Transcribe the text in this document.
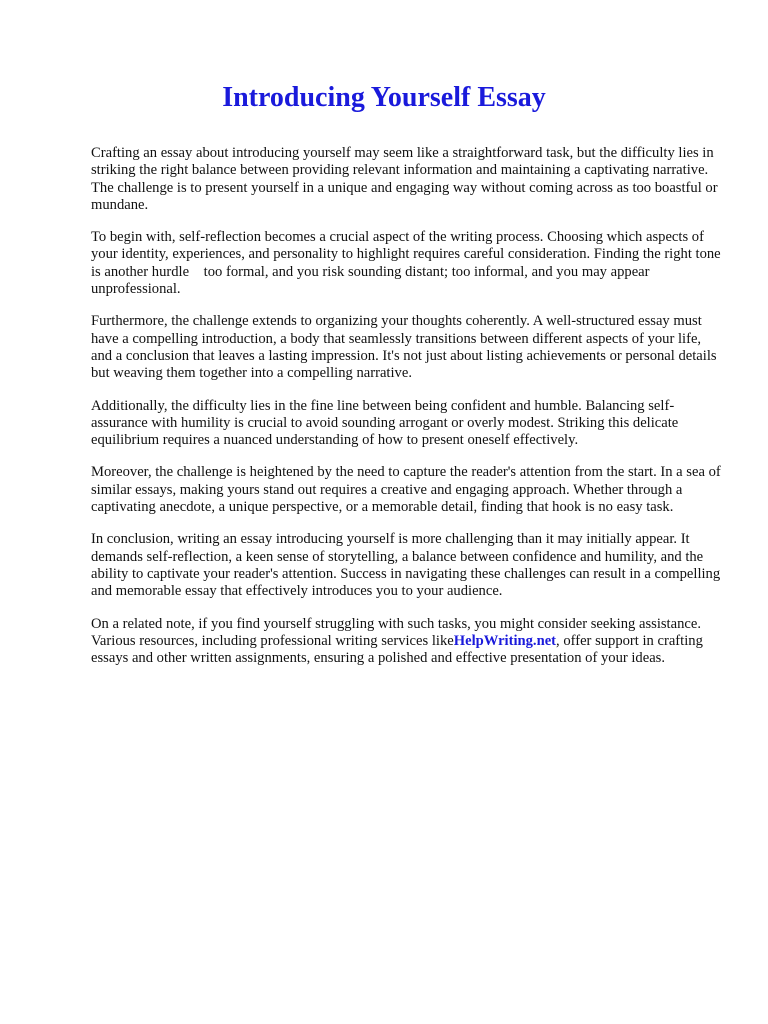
Introducing Yourself Essay

Crafting an essay about introducing yourself may seem like a straightforward task, but the difficulty lies in striking the right balance between providing relevant information and maintaining a captivating narrative. The challenge is to present yourself in a unique and engaging way without coming across as too boastful or mundane.

To begin with, self-reflection becomes a crucial aspect of the writing process. Choosing which aspects of your identity, experiences, and personality to highlight requires careful consideration. Finding the right tone is another hurdle    too formal, and you risk sounding distant; too informal, and you may appear unprofessional.

Furthermore, the challenge extends to organizing your thoughts coherently. A well-structured essay must have a compelling introduction, a body that seamlessly transitions between different aspects of your life, and a conclusion that leaves a lasting impression. It's not just about listing achievements or personal details but weaving them together into a compelling narrative.

Additionally, the difficulty lies in the fine line between being confident and humble. Balancing self-assurance with humility is crucial to avoid sounding arrogant or overly modest. Striking this delicate equilibrium requires a nuanced understanding of how to present oneself effectively.

Moreover, the challenge is heightened by the need to capture the reader's attention from the start. In a sea of similar essays, making yours stand out requires a creative and engaging approach. Whether through a captivating anecdote, a unique perspective, or a memorable detail, finding that hook is no easy task.

In conclusion, writing an essay introducing yourself is more challenging than it may initially appear. It demands self-reflection, a keen sense of storytelling, a balance between confidence and humility, and the ability to captivate your reader's attention. Success in navigating these challenges can result in a compelling and memorable essay that effectively introduces you to your audience.

On a related note, if you find yourself struggling with such tasks, you might consider seeking assistance. Various resources, including professional writing services likeHelpWriting.net, offer support in crafting essays and other written assignments, ensuring a polished and effective presentation of your ideas.
